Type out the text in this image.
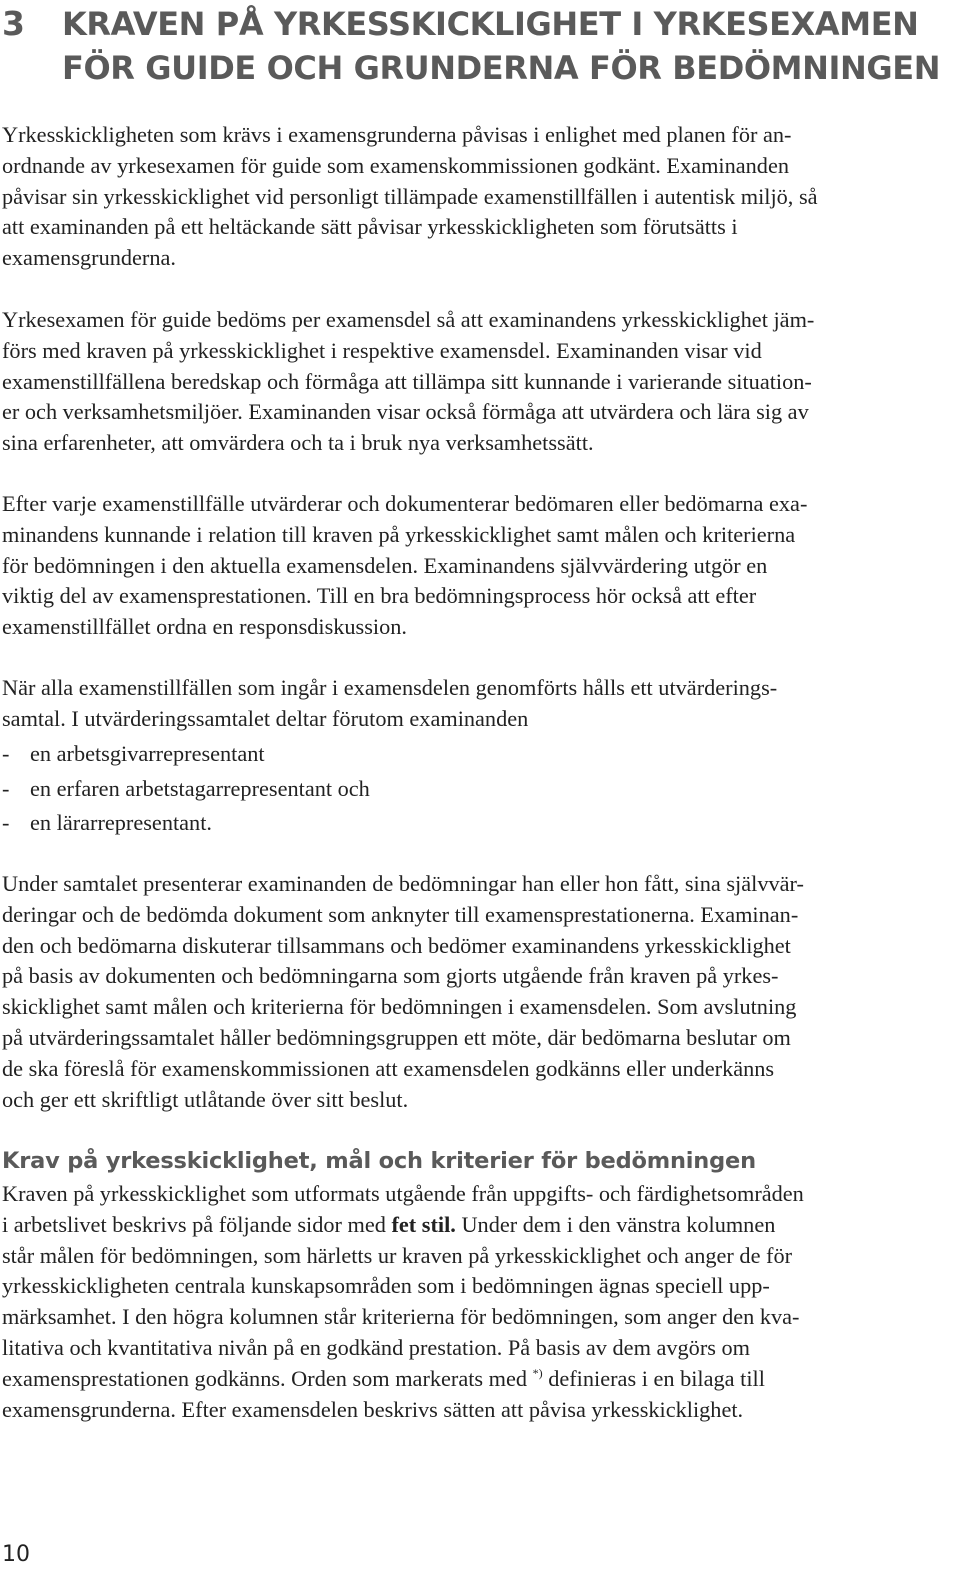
3 KRAVEN PÅ YRKESSKICKLIGHET I YRKESEXAMEN
FÖR GUIDE OCH GRUNDERNA FÖR BEDÖMNINGEN

Yrkesskickligheten som krävs i examensgrunderna påvisas i enlighet med planen för an-
ordnande av yrkesexamen för guide som examenskommissionen godkänt. Examinanden
påvisar sin yrkesskicklighet vid personligt tillämpade examenstillfällen i autentisk miljö, så
att examinanden på ett heltäckande sätt påvisar yrkesskickligheten som förutsätts i
examensgrunderna.

Yrkesexamen för guide bedöms per examensdel så att examinandens yrkesskicklighet jäm-
förs med kraven på yrkesskicklighet i respektive examensdel. Examinanden visar vid
examenstillfällena beredskap och förmåga att tillämpa sitt kunnande i varierande situation-
er och verksamhetsmiljöer. Examinanden visar också förmåga att utvärdera och lära sig av
sina erfarenheter, att omvärdera och ta i bruk nya verksamhetssätt.

Efter varje examenstillfälle utvärderar och dokumenterar bedömaren eller bedömarna exa-
minandens kunnande i relation till kraven på yrkesskicklighet samt målen och kriterierna
för bedömningen i den aktuella examensdelen. Examinandens självvärdering utgör en
viktig del av examensprestationen. Till en bra bedömningsprocess hör också att efter
examenstillfället ordna en responsdiskussion.

När alla examenstillfällen som ingår i examensdelen genomförts hålls ett utvärderings-
samtal. I utvärderingssamtalet deltar förutom examinanden

- en arbetsgivarrepresentant
- en erfaren arbetstagarrepresentant och
- en lärarrepresentant.

Under samtalet presenterar examinanden de bedömningar han eller hon fått, sina självvär-
deringar och de bedömda dokument som anknyter till examensprestationerna. Examinan-
den och bedömarna diskuterar tillsammans och bedömer examinandens yrkesskicklighet
på basis av dokumenten och bedömningarna som gjorts utgående från kraven på yrkes-
skicklighet samt målen och kriterierna för bedömningen i examensdelen. Som avslutning
på utvärderingssamtalet håller bedömningsgruppen ett möte, där bedömarna beslutar om
de ska föreslå för examenskommissionen att examensdelen godkänns eller underkänns
och ger ett skriftligt utlåtande över sitt beslut.

Krav på yrkesskicklighet, mål och kriterier för bedömningen

Kraven på yrkesskicklighet som utformats utgående från uppgifts- och färdighetsområden
i arbetslivet beskrivs på följande sidor med fet stil. Under dem i den vänstra kolumnen
står målen för bedömningen, som härletts ur kraven på yrkesskicklighet och anger de för
yrkesskickligheten centrala kunskapsområden som i bedömningen ägnas speciell upp-
märksamhet. I den högra kolumnen står kriterierna för bedömningen, som anger den kva-
litativa och kvantitativa nivån på en godkänd prestation. På basis av dem avgörs om
examensprestationen godkänns. Orden som markerats med *) definieras i en bilaga till
examensgrunderna. Efter examensdelen beskrivs sätten att påvisa yrkesskicklighet.

10
